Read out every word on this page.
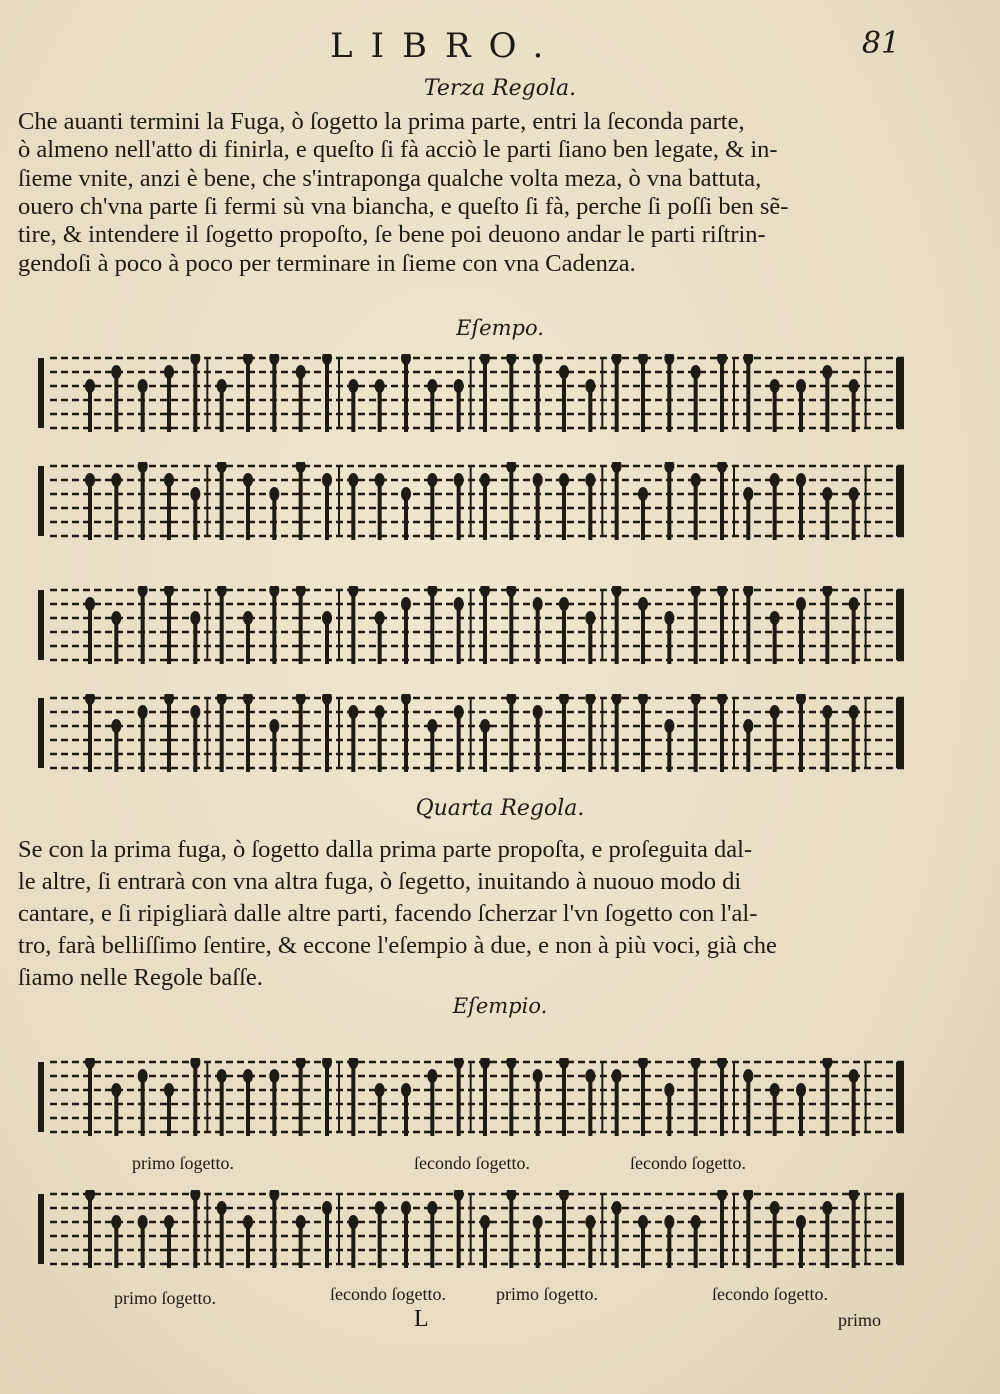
LIBRO.	81
Terza Regola.
Che auanti termini la Fuga, ò ſogetto la prima parte, entri la ſeconda parte,
ò almeno nell'atto di finirla, e queſto ſi fà acciò le parti ſiano ben legate, & in-
ſieme vnite, anzi è bene, che s'intraponga qualche volta meza, ò vna battuta,
ouero ch'vna parte ſi fermi sù vna biancha, e queſto ſi fà, perche ſi poſſi ben sẽ-
tire, & intendere il ſogetto propoſto, ſe bene poi deuono andar le parti riſtrin-
gendoſi à poco à poco per terminare in ſieme con vna Cadenza.
Eſempo.
Quarta Regola.
Se con la prima fuga, ò ſogetto dalla prima parte propoſta, e proſeguita dal-
le altre, ſi entrarà con vna altra fuga, ò ſegetto, inuitando à nuouo modo di
cantare, e ſi ripigliarà dalle altre parti, facendo ſcherzar l'vn ſogetto con l'al-
tro, farà belliſſimo ſentire, & eccone l'eſempio à due, e non à più voci, già che
ſiamo nelle Regole baſſe.
Eſempio.
primo ſogetto.	ſecondo ſogetto.	ſecondo ſogetto.
primo ſogetto.	ſecondo ſogetto.	primo ſogetto.	ſecondo ſogetto.
L	primo
